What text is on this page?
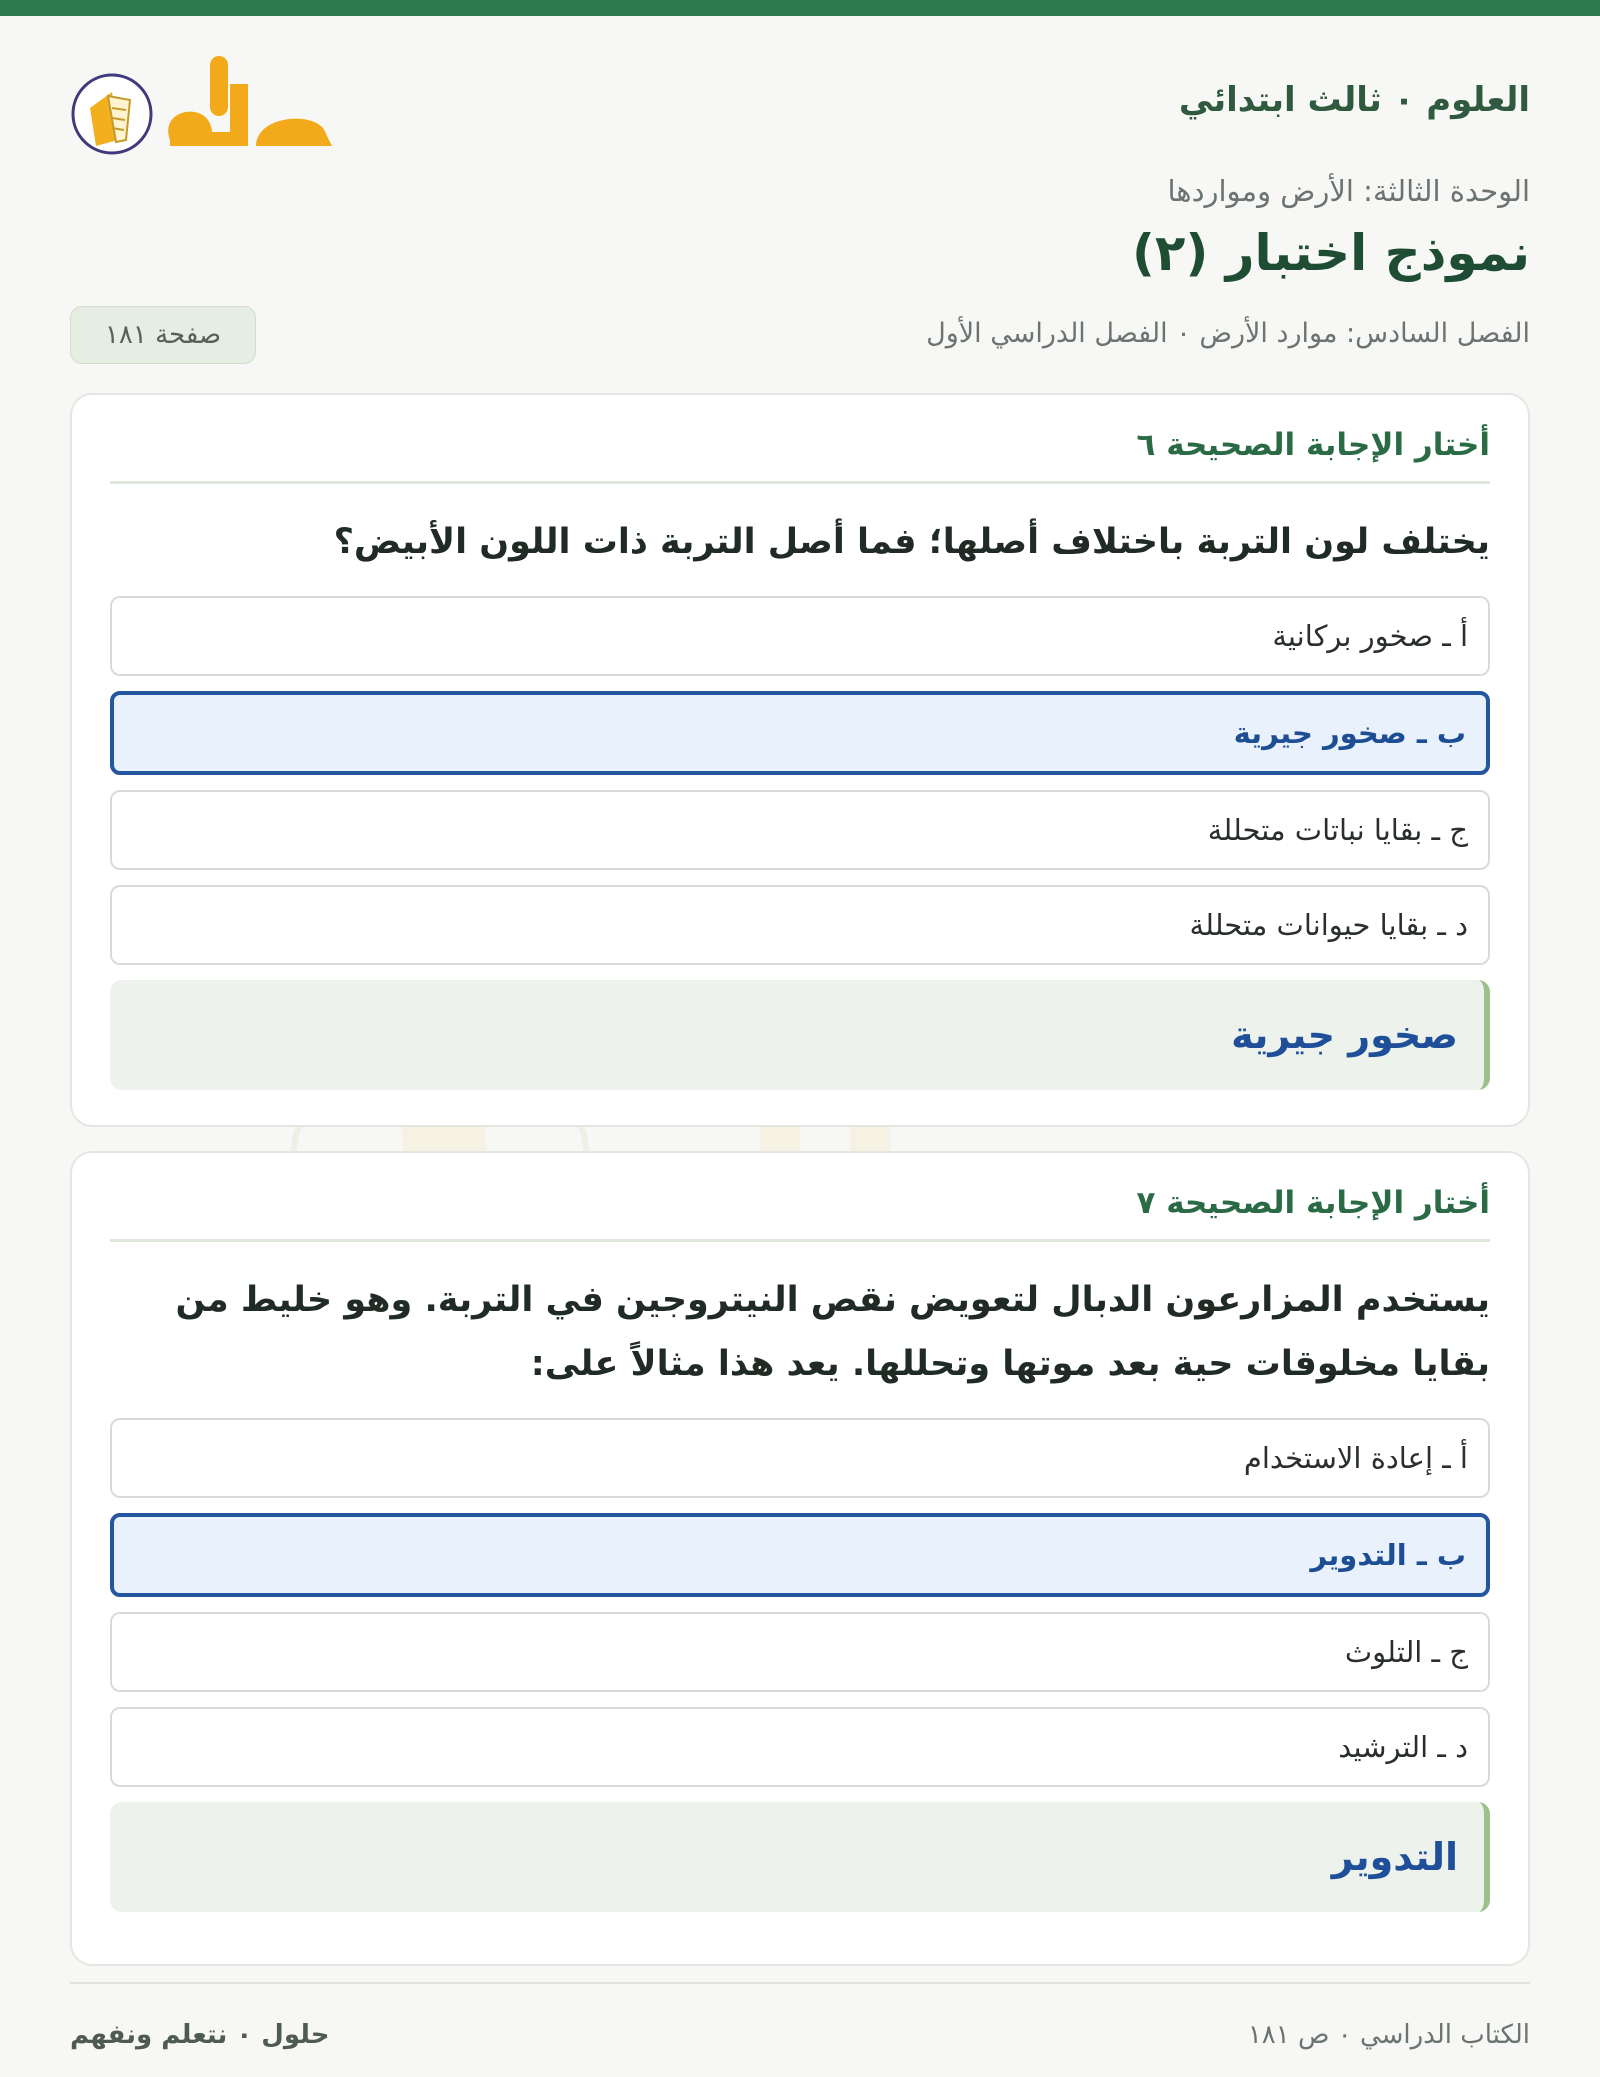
العلوم ٠ ثالث ابتدائي
الوحدة الثالثة: الأرض ومواردها
نموذج اختبار (٢)
الفصل السادس: موارد الأرض ٠ الفصل الدراسي الأول
صفحة ١٨١
أختار الإجابة الصحيحة ٦
يختلف لون التربة باختلاف أصلها؛ فما أصل التربة ذات اللون الأبيض؟
أ ـ صخور بركانية
ب ـ صخور جيرية
ج ـ بقايا نباتات متحللة
د ـ بقايا حيوانات متحللة
صخور جيرية
أختار الإجابة الصحيحة ٧
يستخدم المزارعون الدبال لتعويض نقص النيتروجين في التربة. وهو خليط من بقايا مخلوقات حية بعد موتها وتحللها. يعد هذا مثالاً على:
أ ـ إعادة الاستخدام
ب ـ التدوير
ج ـ التلوث
د ـ الترشيد
التدوير
الكتاب الدراسي ٠ ص ١٨١
حلول ٠ نتعلم ونفهم
